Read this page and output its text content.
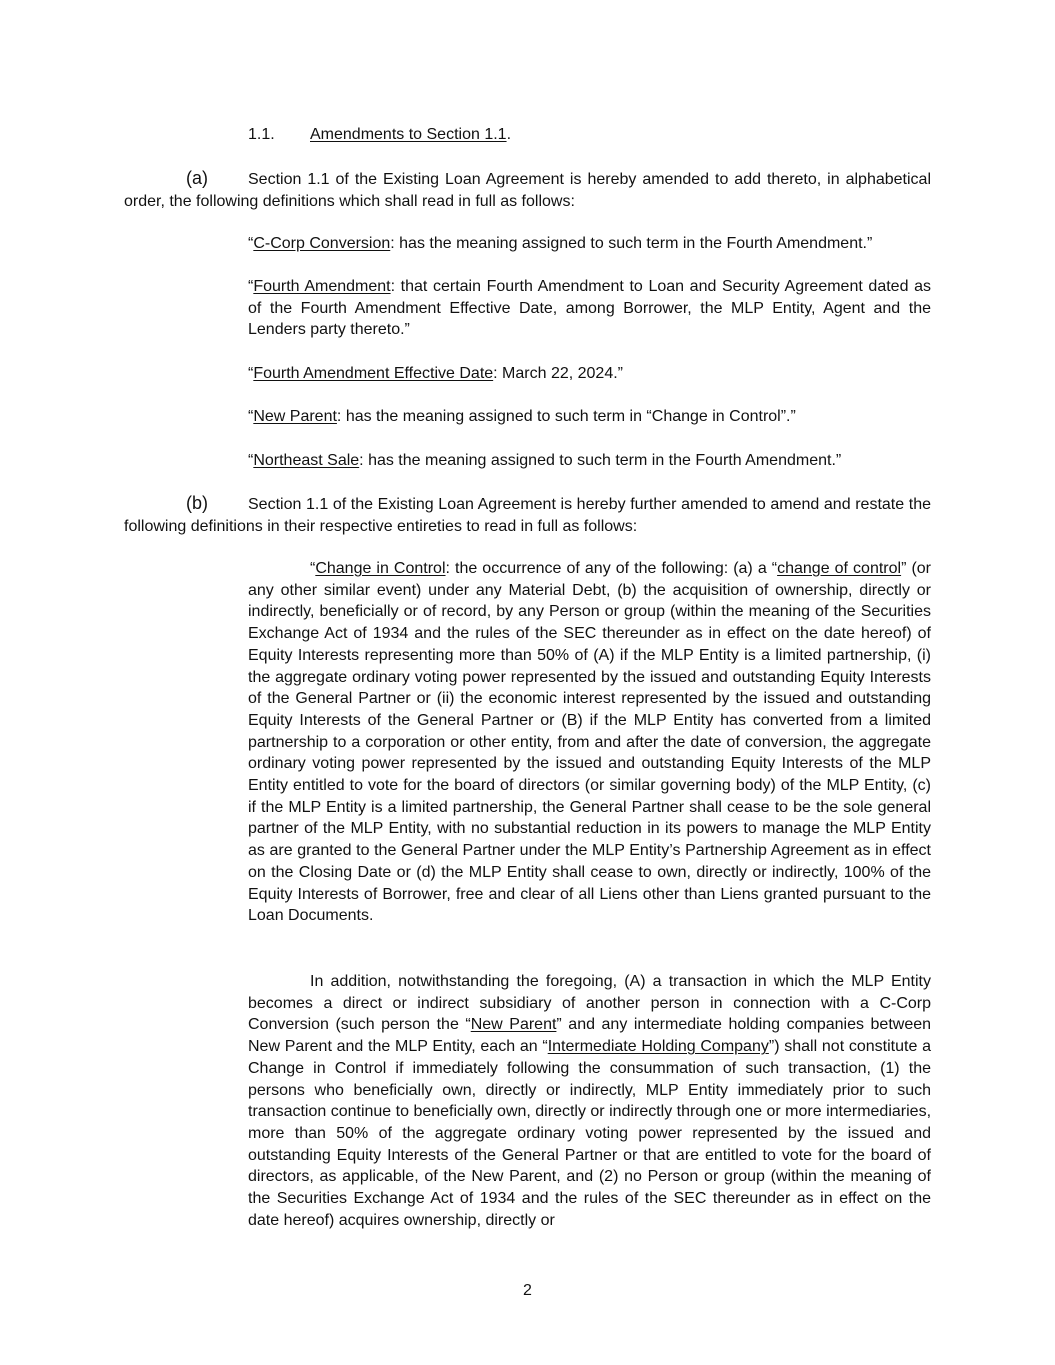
1.1. Amendments to Section 1.1.
(a)	Section 1.1 of the Existing Loan Agreement is hereby amended to add thereto, in alphabetical order, the following definitions which shall read in full as follows:
“C-Corp Conversion: has the meaning assigned to such term in the Fourth Amendment.”
“Fourth Amendment: that certain Fourth Amendment to Loan and Security Agreement dated as of the Fourth Amendment Effective Date, among Borrower, the MLP Entity, Agent and the Lenders party thereto.”
“Fourth Amendment Effective Date: March 22, 2024.”
“New Parent: has the meaning assigned to such term in “Change in Control”.”
“Northeast Sale: has the meaning assigned to such term in the Fourth Amendment.”
(b)	Section 1.1 of the Existing Loan Agreement is hereby further amended to amend and restate the following definitions in their respective entireties to read in full as follows:
“Change in Control: the occurrence of any of the following: (a) a “change of control” (or any other similar event) under any Material Debt, (b) the acquisition of ownership, directly or indirectly, beneficially or of record, by any Person or group (within the meaning of the Securities Exchange Act of 1934 and the rules of the SEC thereunder as in effect on the date hereof) of Equity Interests representing more than 50% of (A) if the MLP Entity is a limited partnership, (i) the aggregate ordinary voting power represented by the issued and outstanding Equity Interests of the General Partner or (ii) the economic interest represented by the issued and outstanding Equity Interests of the General Partner or (B) if the MLP Entity has converted from a limited partnership to a corporation or other entity, from and after the date of conversion, the aggregate ordinary voting power represented by the issued and outstanding Equity Interests of the MLP Entity entitled to vote for the board of directors (or similar governing body) of the MLP Entity, (c) if the MLP Entity is a limited partnership, the General Partner shall cease to be the sole general partner of the MLP Entity, with no substantial reduction in its powers to manage the MLP Entity as are granted to the General Partner under the MLP Entity’s Partnership Agreement as in effect on the Closing Date or (d) the MLP Entity shall cease to own, directly or indirectly, 100% of the Equity Interests of Borrower, free and clear of all Liens other than Liens granted pursuant to the Loan Documents.
In addition, notwithstanding the foregoing, (A) a transaction in which the MLP Entity becomes a direct or indirect subsidiary of another person in connection with a C-Corp Conversion (such person the “New Parent” and any intermediate holding companies between New Parent and the MLP Entity, each an “Intermediate Holding Company”) shall not constitute a Change in Control if immediately following the consummation of such transaction, (1) the persons who beneficially own, directly or indirectly, MLP Entity immediately prior to such transaction continue to beneficially own, directly or indirectly through one or more intermediaries, more than 50% of the aggregate ordinary voting power represented by the issued and outstanding Equity Interests of the General Partner or that are entitled to vote for the board of directors, as applicable, of the New Parent, and (2) no Person or group (within the meaning of the Securities Exchange Act of 1934 and the rules of the SEC thereunder as in effect on the date hereof) acquires ownership, directly or
2
